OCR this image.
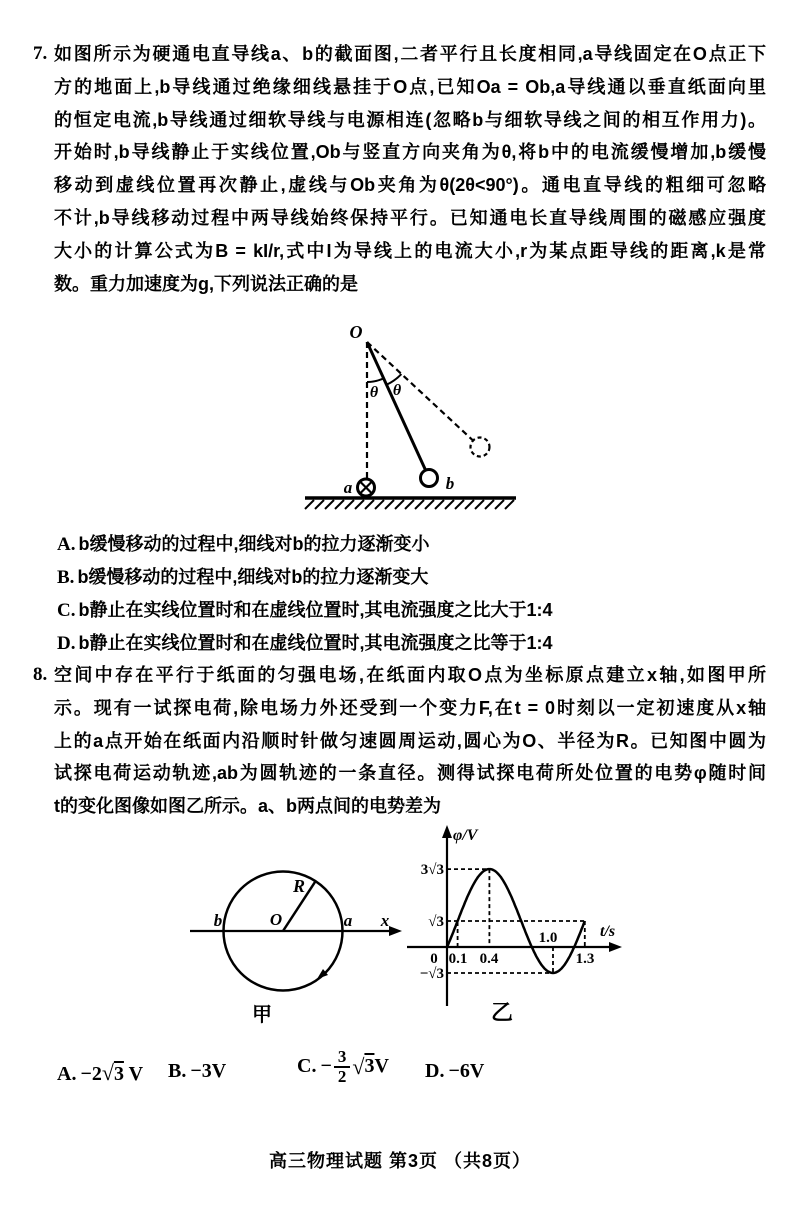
7. 如图所示为硬通电直导线a、b的截面图,二者平行且长度相同,a导线固定在O点正下
方的地面上,b导线通过绝缘细线悬挂于O点,已知Oa = Ob,a导线通以垂直纸面向里
的恒定电流,b导线通过细软导线与电源相连(忽略b与细软导线之间的相互作用力)。
开始时,b导线静止于实线位置,Ob与竖直方向夹角为θ,将b中的电流缓慢增加,b缓慢
移动到虚线位置再次静止,虚线与Ob夹角为θ(2θ<90°)。通电直导线的粗细可忽略
不计,b导线移动过程中两导线始终保持平行。已知通电长直导线周围的磁感应强度
大小的计算公式为B = kI/r,式中I为导线上的电流大小,r为某点距导线的距离,k是常
数。重力加速度为g,下列说法正确的是
O
θ θ
b
a
A. b缓慢移动的过程中,细线对b的拉力逐渐变小
B. b缓慢移动的过程中,细线对b的拉力逐渐变大
C. b静止在实线位置时和在虚线位置时,其电流强度之比大于1:4
D. b静止在实线位置时和在虚线位置时,其电流强度之比等于1:4
8. 空间中存在平行于纸面的匀强电场,在纸面内取O点为坐标原点建立x轴,如图甲所
示。现有一试探电荷,除电场力外还受到一个变力F,在t = 0时刻以一定初速度从x轴
上的a点开始在纸面内沿顺时针做匀速圆周运动,圆心为O、半径为R。已知图中圆为
试探电荷运动轨迹,ab为圆轨迹的一条直径。测得试探电荷所处位置的电势φ随时间
t的变化图像如图乙所示。a、b两点间的电势差为
x
R
O
b	a
甲
φ/V
t/s
3√3
√3
−√3
0 0.1 0.4
1.0
1.3
乙
A. −2√3 V B. −3V	C. − $\frac{3}{2}$ √ 3 V D. −6V
高三物理试题 第3页 （共8页）
